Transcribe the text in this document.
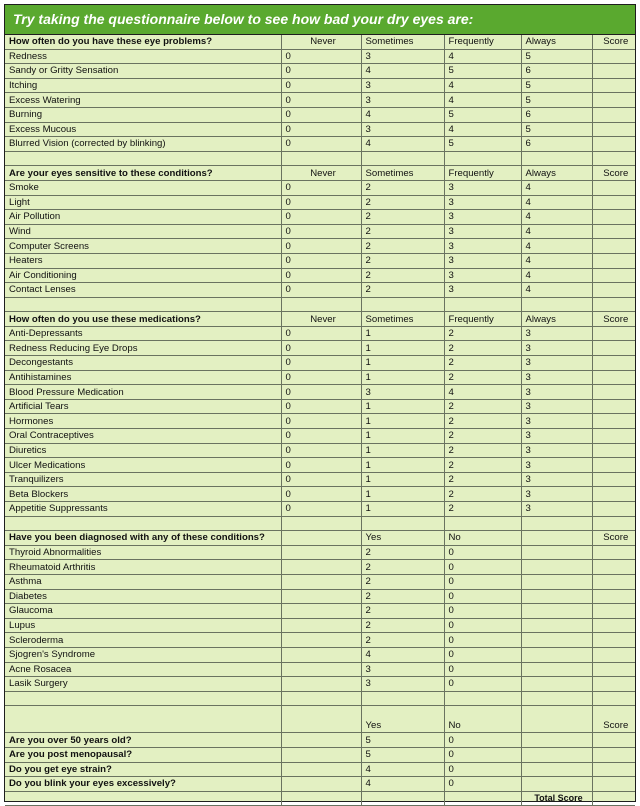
Try taking the questionnaire below to see how bad your dry eyes are:
How often do you have these eye problems?	Never	Sometimes	Frequently	Always	Score
Redness	0	3	4	5	
Sandy or Gritty Sensation	0	4	5	6	
Itching	0	3	4	5	
Excess Watering	0	3	4	5	
Burning	0	4	5	6	
Excess Mucous	0	3	4	5	
Blurred Vision (corrected by blinking)	0	4	5	6	

Are your eyes sensitive to these conditions?	Never	Sometimes	Frequently	Always	Score
Smoke	0	2	3	4	
Light	0	2	3	4	
Air Pollution	0	2	3	4	
Wind	0	2	3	4	
Computer Screens	0	2	3	4	
Heaters	0	2	3	4	
Air Conditioning	0	2	3	4	
Contact Lenses	0	2	3	4	

How often do you use these medications?	Never	Sometimes	Frequently	Always	Score
Anti-Depressants	0	1	2	3	
Redness Reducing Eye Drops	0	1	2	3	
Decongestants	0	1	2	3	
Antihistamines	0	1	2	3	
Blood Pressure Medication	0	3	4	3	
Artificial Tears	0	1	2	3	
Hormones	0	1	2	3	
Oral Contraceptives	0	1	2	3	
Diuretics	0	1	2	3	
Ulcer Medications	0	1	2	3	
Tranquilizers	0	1	2	3	
Beta Blockers	0	1	2	3	
Appetitie Suppressants	0	1	2	3	

Have you been diagnosed with any of these conditions?		Yes	No		Score
Thyroid Abnormalities		2	0		
Rheumatoid Arthritis		2	0		
Asthma		2	0		
Diabetes		2	0		
Glaucoma		2	0		
Lupus		2	0		
Scleroderma		2	0		
Sjogren's Syndrome		4	0		
Acne Rosacea		3	0		
Lasik Surgery		3	0		

		Yes	No		Score
Are you over 50 years old?		5	0		
Are you post menopausal?		5	0		
Do you get eye strain?		4	0		
Do you blink your eyes excessively?		4	0		
				Total Score	
